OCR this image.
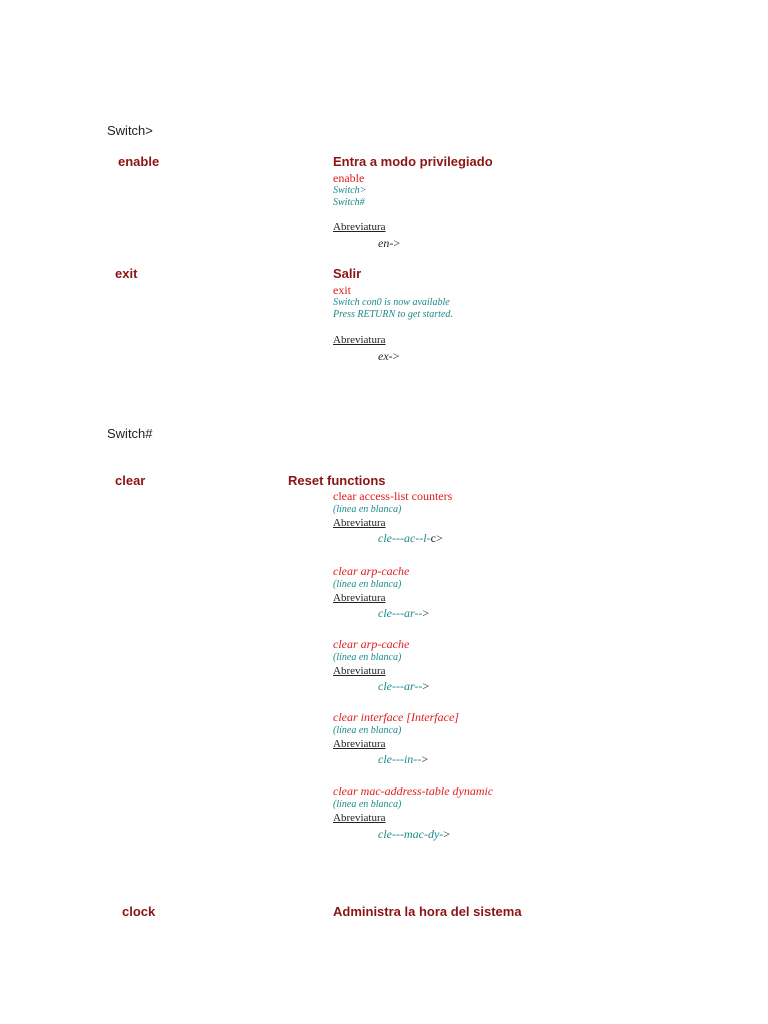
Switch>
enable	Entra a modo privilegiado
enable
Switch>
Switch#
Abreviatura
en->
exit	Salir
exit
Switch con0 is now available
Press RETURN to get started.
Abreviatura
ex->
Switch#
clear	Reset functions
clear access-list counters
(línea en blanca)
Abreviatura
cle---ac--l-c>
clear arp-cache
(línea en blanca)
Abreviatura
cle---ar-->
clear arp-cache
(línea en blanca)
Abreviatura
cle---ar-->
clear interface [Interface]
(línea en blanca)
Abreviatura
cle---in-->
clear mac-address-table dynamic
(línea en blanca)
Abreviatura
cle---mac-dy->
clock	Administra la hora del sistema
